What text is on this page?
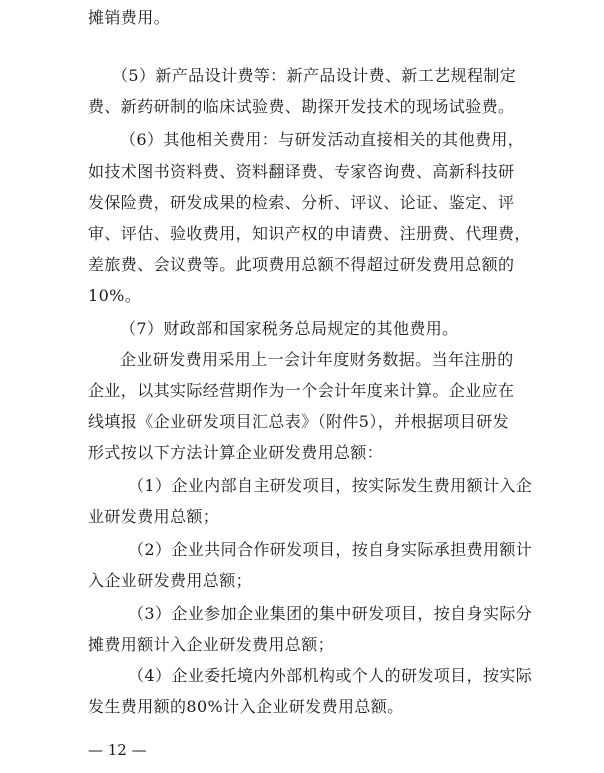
摊销费用。
（5）新产品设计费等：新产品设计费、新工艺规程制定
费、新药研制的临床试验费、勘探开发技术的现场试验费。
（6）其他相关费用：与研发活动直接相关的其他费用，
如技术图书资料费、资料翻译费、专家咨询费、高新科技研
发保险费，研发成果的检索、分析、评议、论证、鉴定、评
审、评估、验收费用，知识产权的申请费、注册费、代理费，
差旅费、会议费等。此项费用总额不得超过研发费用总额的
10%。
（7）财政部和国家税务总局规定的其他费用。
企业研发费用采用上一会计年度财务数据。当年注册的
企业，以其实际经营期作为一个会计年度来计算。企业应在
线填报《企业研发项目汇总表》（附件5），并根据项目研发
形式按以下方法计算企业研发费用总额：
（1）企业内部自主研发项目，按实际发生费用额计入企
业研发费用总额；
（2）企业共同合作研发项目，按自身实际承担费用额计
入企业研发费用总额；
（3）企业参加企业集团的集中研发项目，按自身实际分
摊费用额计入企业研发费用总额；
（4）企业委托境内外部机构或个人的研发项目，按实际
发生费用额的80%计入企业研发费用总额。
— 12 —
